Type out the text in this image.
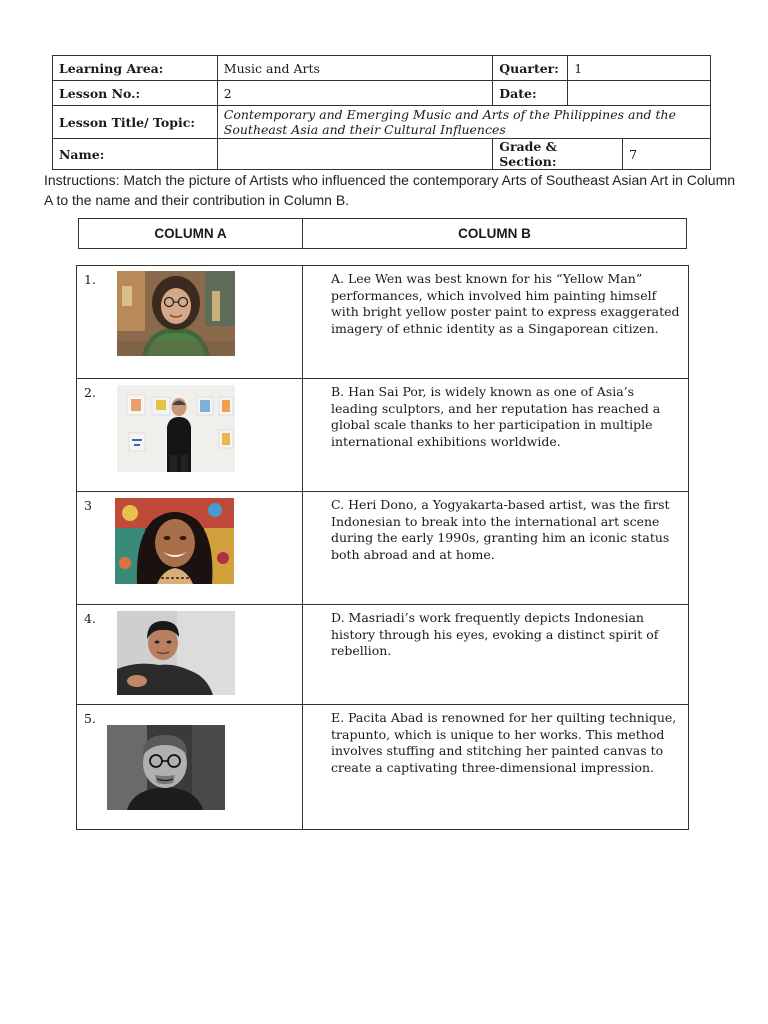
Learning Area:	Music and Arts	Quarter:	1	
Lesson No.:	2	Date:		
Lesson Title/ Topic:	Contemporary and Emerging Music and Arts of the Philippines and the Southeast Asia and their Cultural Influences			
Name:		Grade & Section:		7
Instructions: Match the picture of Artists who influenced the contemporary Arts of Southeast Asian Art in Column A to the name and their contribution in Column B.
COLUMN A	COLUMN B
1.	A. Lee Wen was best known for his “Yellow Man” performances, which involved him painting himself with bright yellow poster paint to express exaggerated imagery of ethnic identity as a Singaporean citizen.
2.	B. Han Sai Por, is widely known as one of Asia’s leading sculptors, and her reputation has reached a global scale thanks to her participation in multiple international exhibitions worldwide.
3	C. Heri Dono, a Yogyakarta-based artist, was the first Indonesian to break into the international art scene during the early 1990s, granting him an iconic status both abroad and at home.
4.	D. Masriadi’s work frequently depicts Indonesian history through his eyes, evoking a distinct spirit of rebellion.
5.	E. Pacita Abad is renowned for her quilting technique, trapunto, which is unique to her works. This method involves stuffing and stitching her painted canvas to create a captivating three-dimensional impression.
